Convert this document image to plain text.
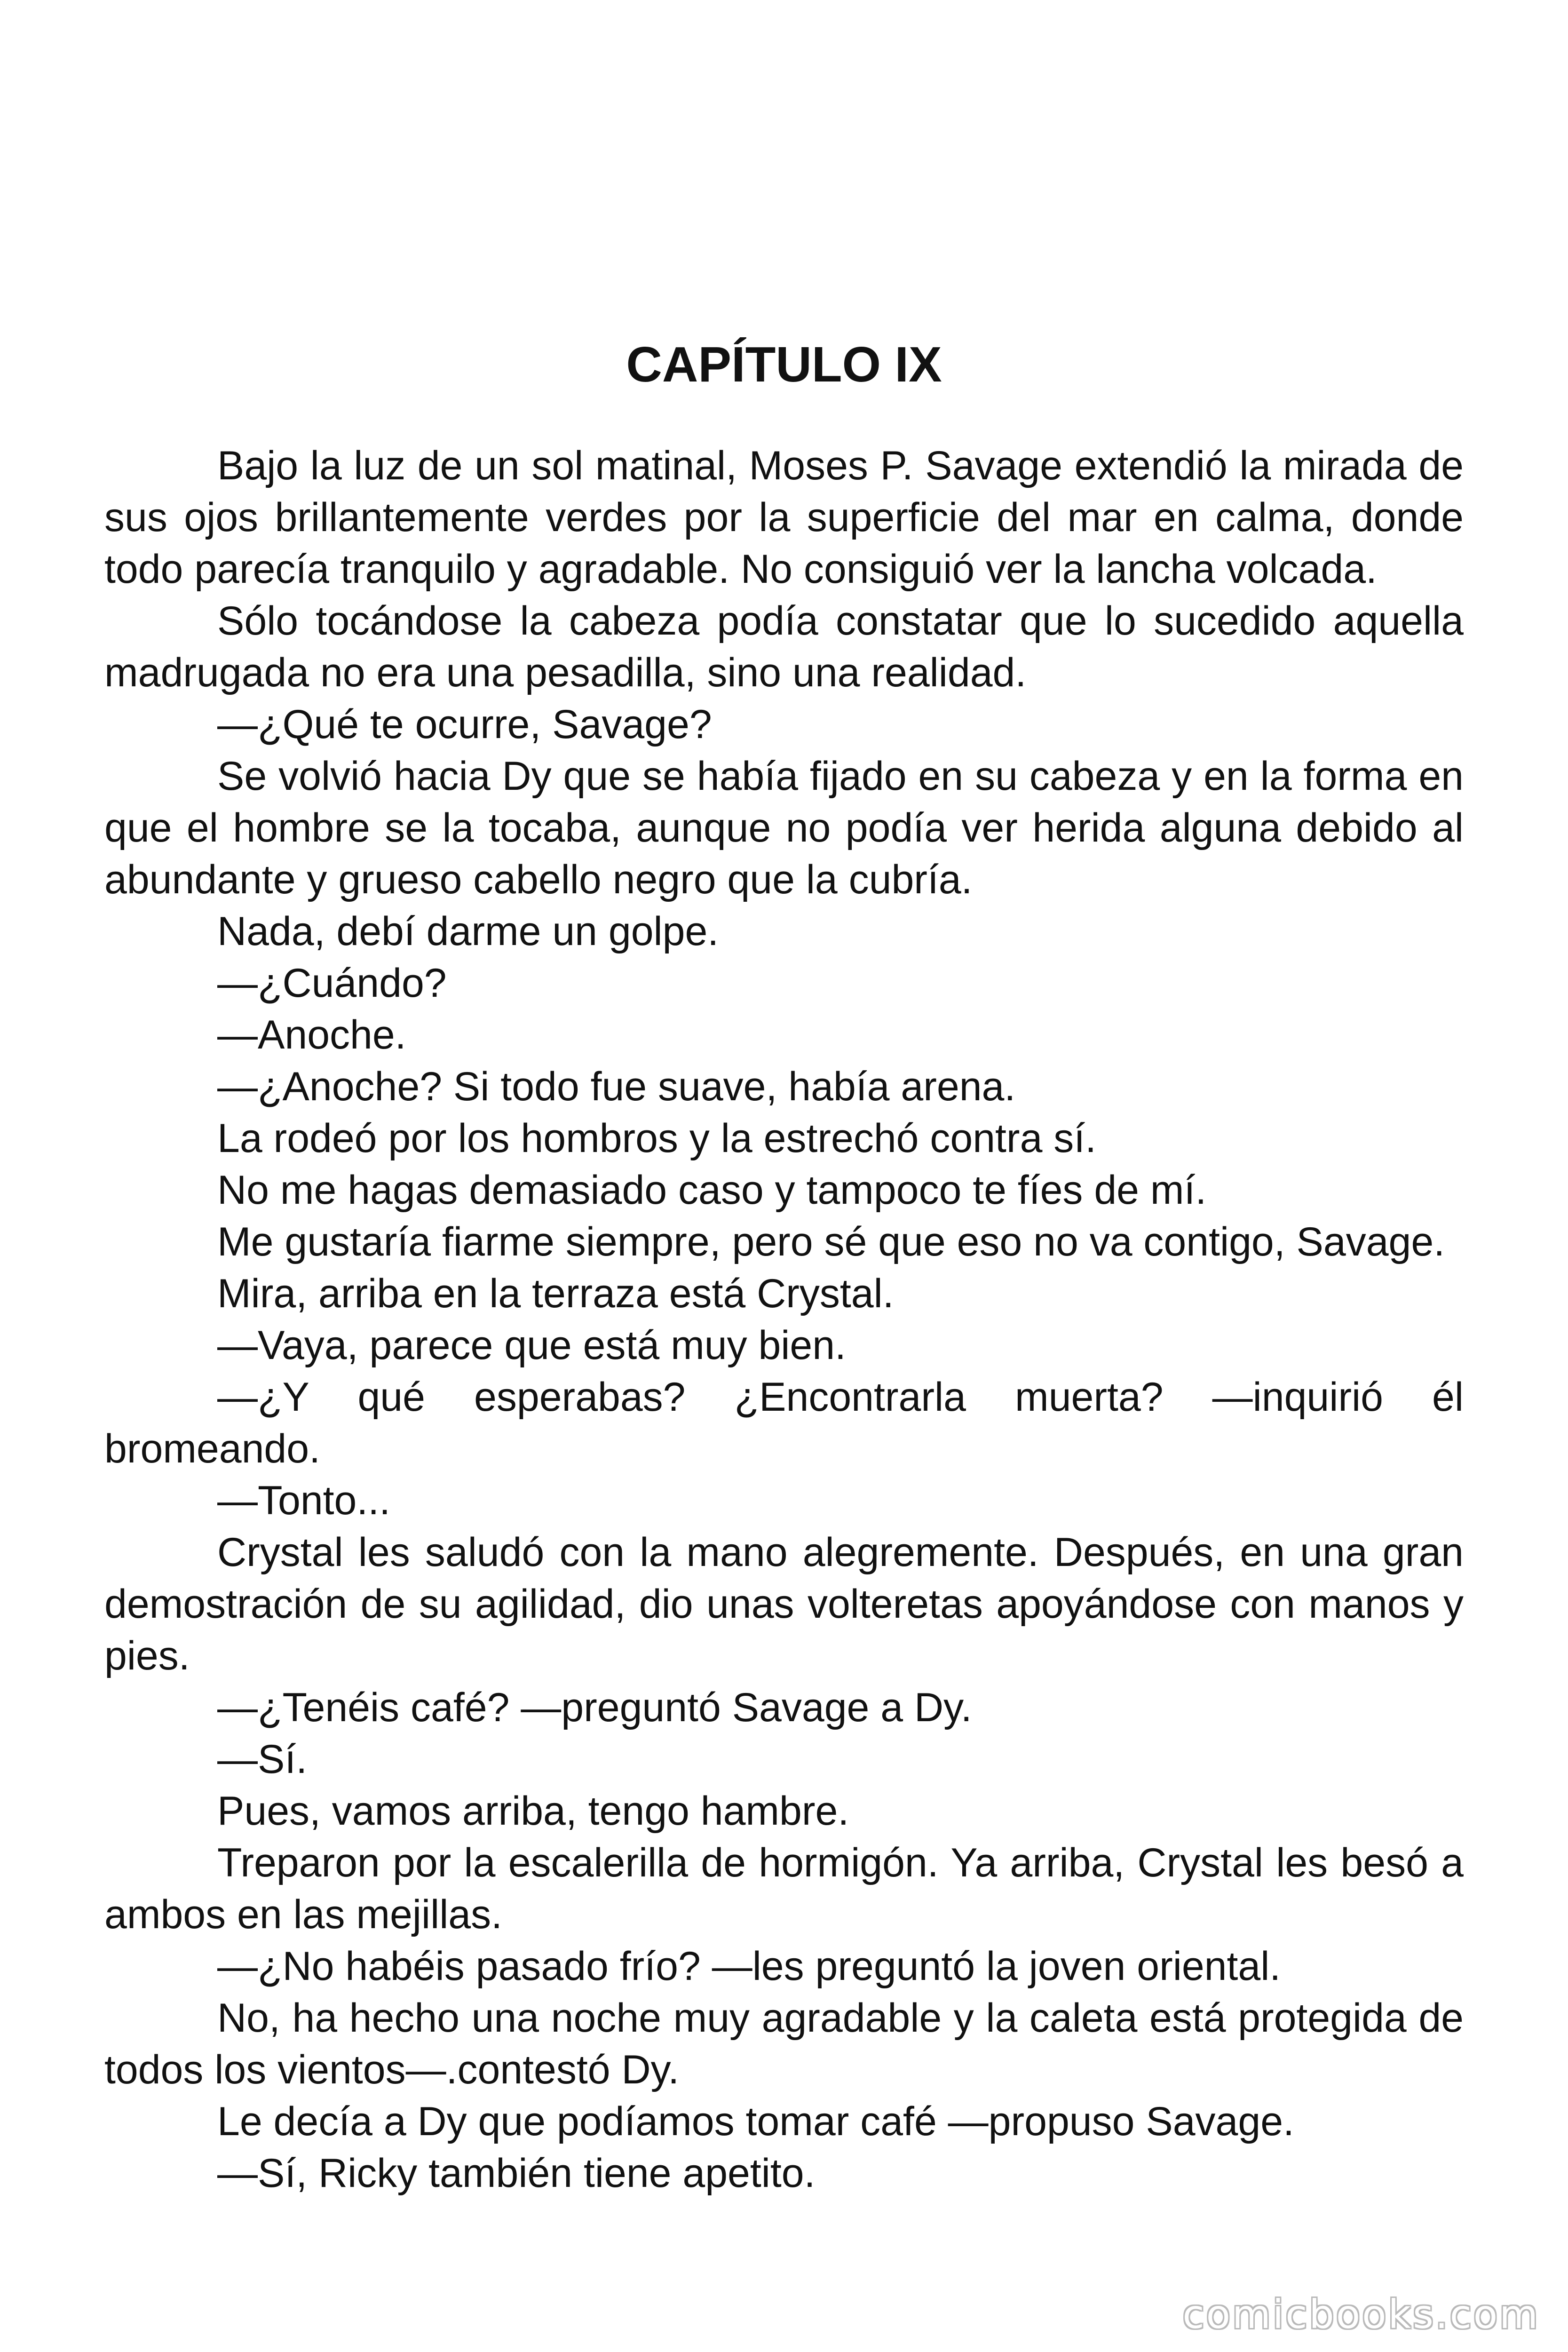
CAPÍTULO IX

Bajo la luz de un sol matinal, Moses P. Savage extendió la mirada de sus ojos brillantemente verdes por la superficie del mar en calma, donde todo parecía tranquilo y agradable. No consiguió ver la lancha volcada.

Sólo tocándose la cabeza podía constatar que lo sucedido aquella madrugada no era una pesadilla, sino una realidad.

—¿Qué te ocurre, Savage?

Se volvió hacia Dy que se había fijado en su cabeza y en la forma en que el hombre se la tocaba, aunque no podía ver herida alguna debido al abundante y grueso cabello negro que la cubría.

Nada, debí darme un golpe.

—¿Cuándo?

—Anoche.

—¿Anoche? Si todo fue suave, había arena.

La rodeó por los hombros y la estrechó contra sí.

No me hagas demasiado caso y tampoco te fíes de mí.

Me gustaría fiarme siempre, pero sé que eso no va contigo, Savage.

Mira, arriba en la terraza está Crystal.

—Vaya, parece que está muy bien.

—¿Y qué esperabas? ¿Encontrarla muerta? —inquirió él bromeando.

—Tonto...

Crystal les saludó con la mano alegremente. Después, en una gran demostración de su agilidad, dio unas volteretas apoyándose con manos y pies.

—¿Tenéis café? —preguntó Savage a Dy.

—Sí.

Pues, vamos arriba, tengo hambre.

Treparon por la escalerilla de hormigón. Ya arriba, Crystal les besó a ambos en las mejillas.

—¿No habéis pasado frío? —les preguntó la joven oriental.

No, ha hecho una noche muy agradable y la caleta está protegida de todos los vientos—.contestó Dy.

Le decía a Dy que podíamos tomar café —propuso Savage.

—Sí, Ricky también tiene apetito.

comicbooks.com
